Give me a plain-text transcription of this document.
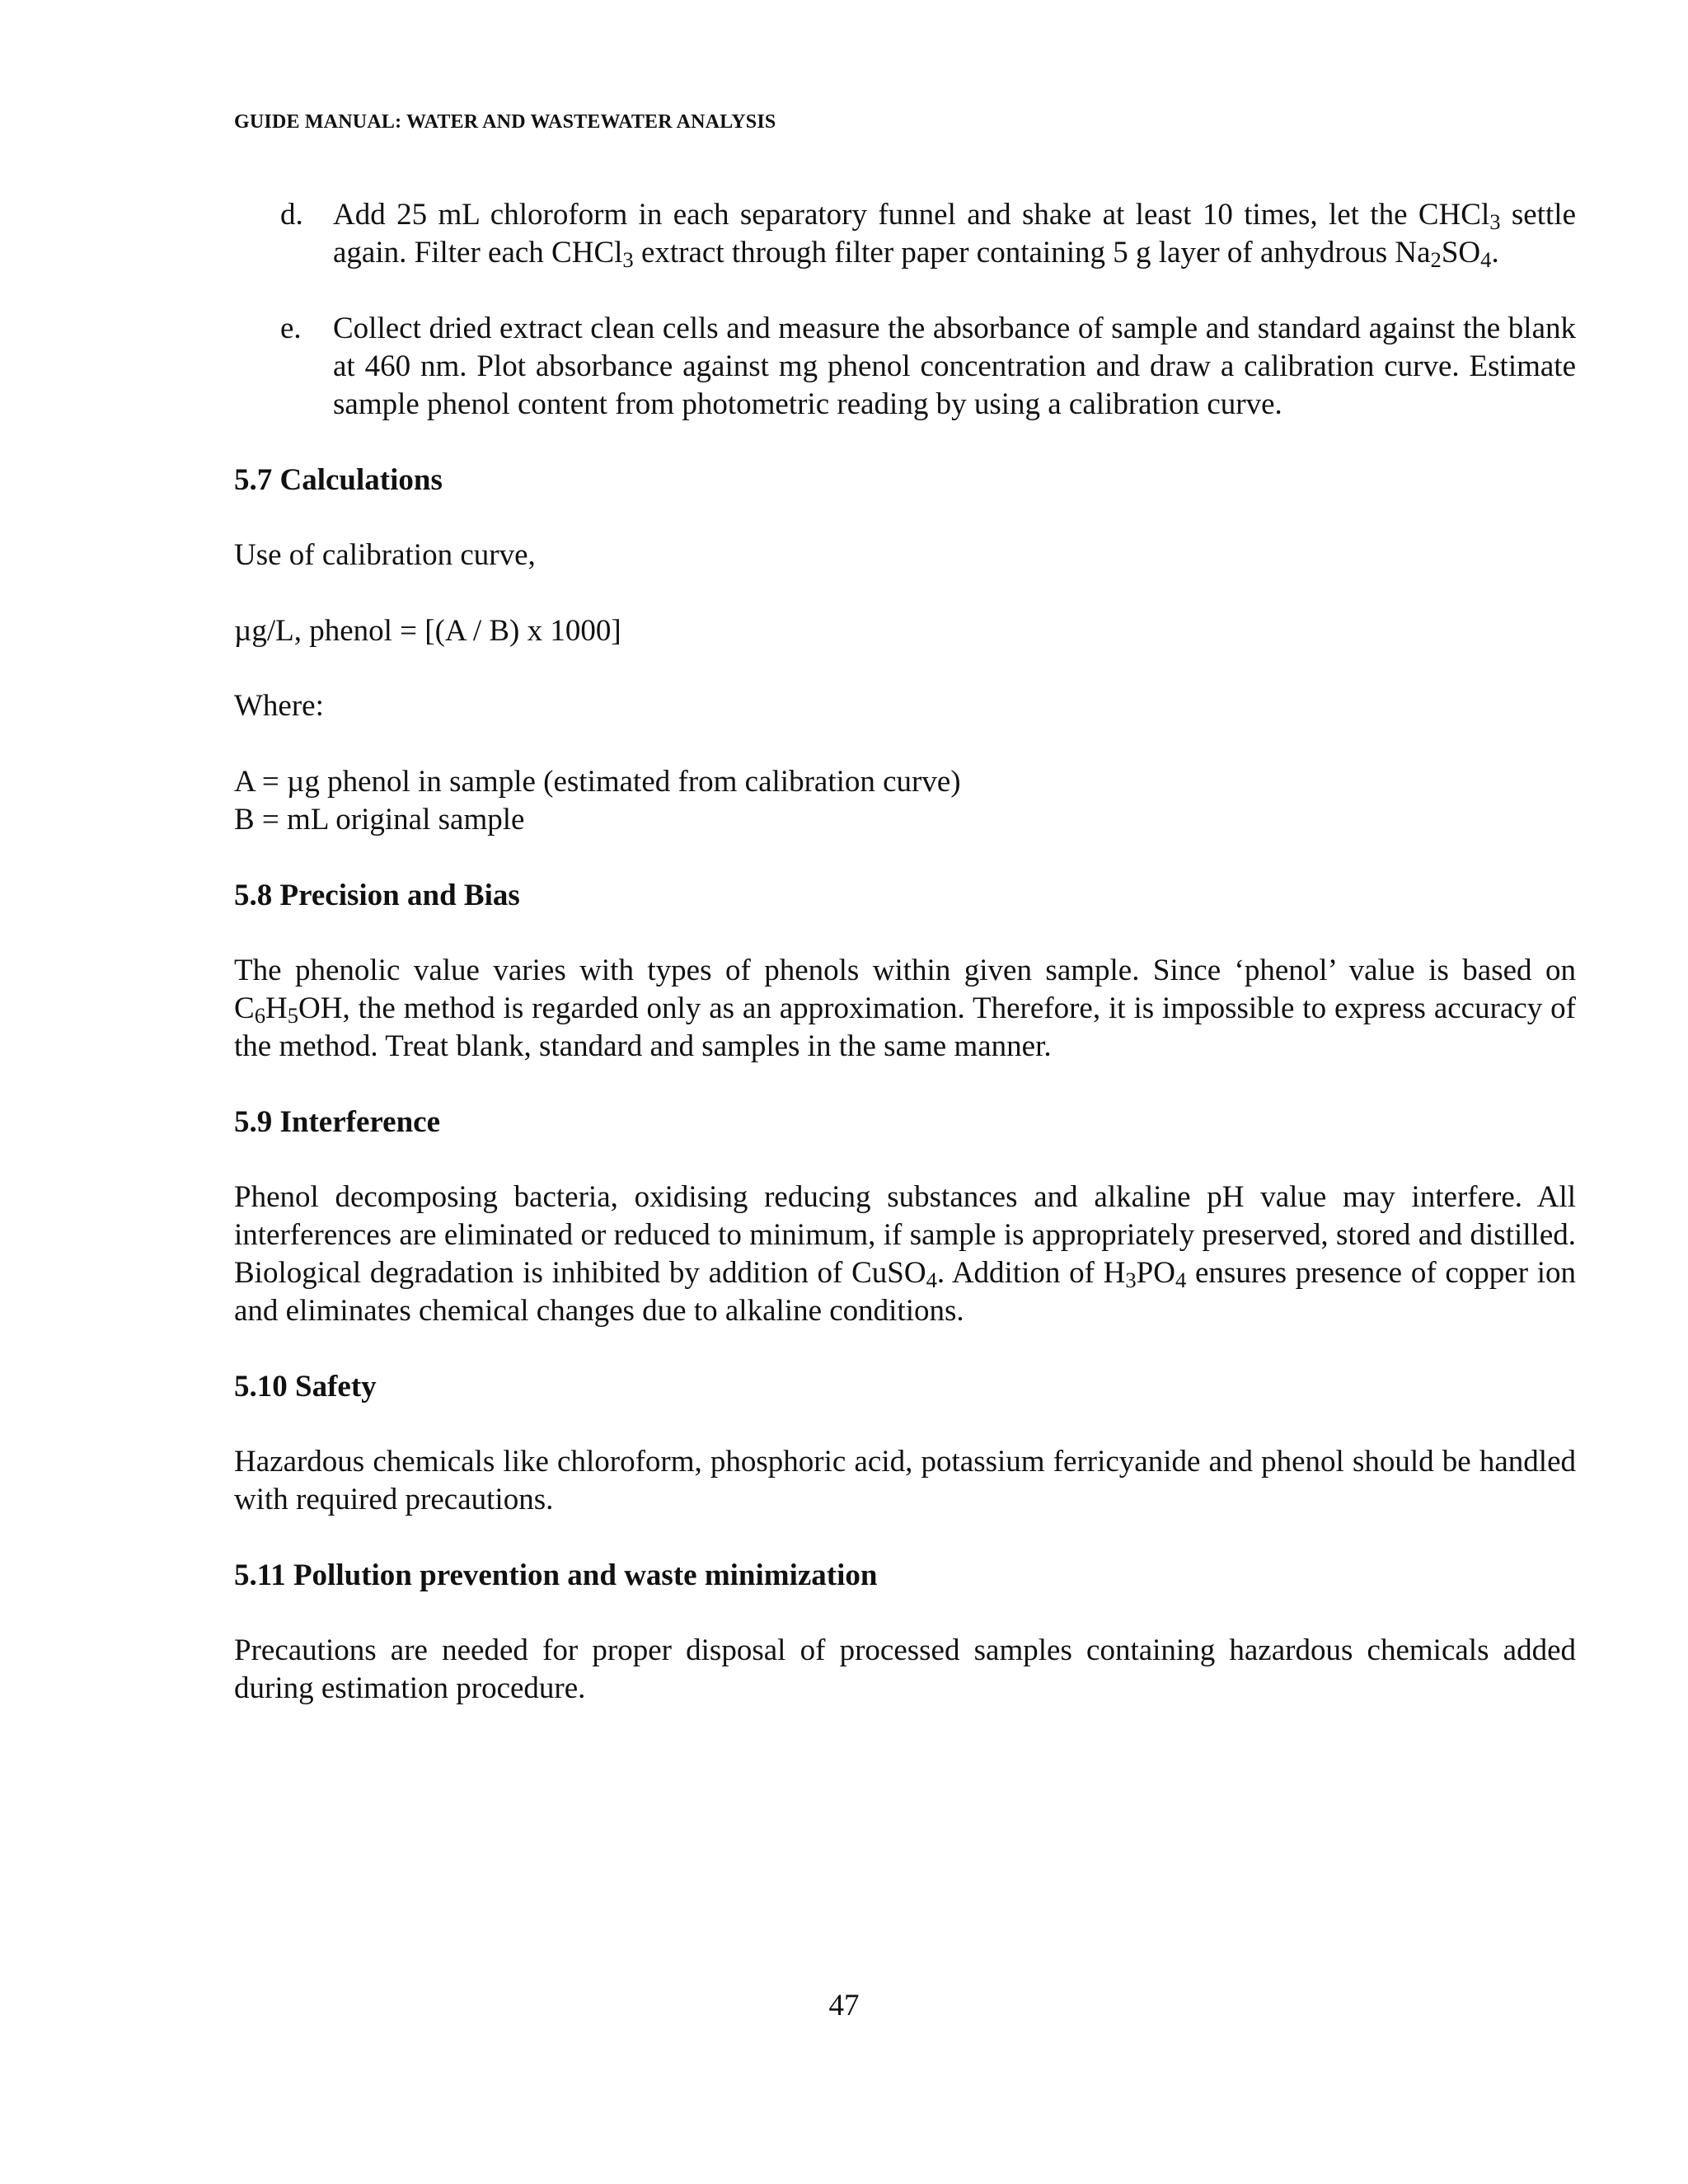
GUIDE MANUAL: WATER AND WASTEWATER ANALYSIS
d. Add 25 mL chloroform in each separatory funnel and shake at least 10 times, let the CHCl$_3$ settle again. Filter each CHCl$_3$ extract through filter paper containing 5 g layer of anhydrous $Na_2SO_4$.
e. Collect dried extract clean cells and measure the absorbance of sample and standard against the blank at 460 nm. Plot absorbance against mg phenol concentration and draw a calibration curve. Estimate sample phenol content from photometric reading by using a calibration curve.
5.7 Calculations
Use of calibration curve,
µg/L, phenol = [(A / B) x 1000]
Where:
A = µg phenol in sample (estimated from calibration curve)
B = mL original sample
5.8 Precision and Bias
The phenolic value varies with types of phenols within given sample. Since ‘phenol’ value is based on $C_6H_5OH$, the method is regarded only as an approximation. Therefore, it is impossible to express accuracy of the method. Treat blank, standard and samples in the same manner.
5.9 Interference
Phenol decomposing bacteria, oxidising reducing substances and alkaline pH value may interfere. All interferences are eliminated or reduced to minimum, if sample is appropriately preserved, stored and distilled. Biological degradation is inhibited by addition of CuSO$_4$. Addition of $H_3PO_4$ ensures presence of copper ion and eliminates chemical changes due to alkaline conditions.
5.10 Safety
Hazardous chemicals like chloroform, phosphoric acid, potassium ferricyanide and phenol should be handled with required precautions.
5.11 Pollution prevention and waste minimization
Precautions are needed for proper disposal of processed samples containing hazardous chemicals added during estimation procedure.
47
